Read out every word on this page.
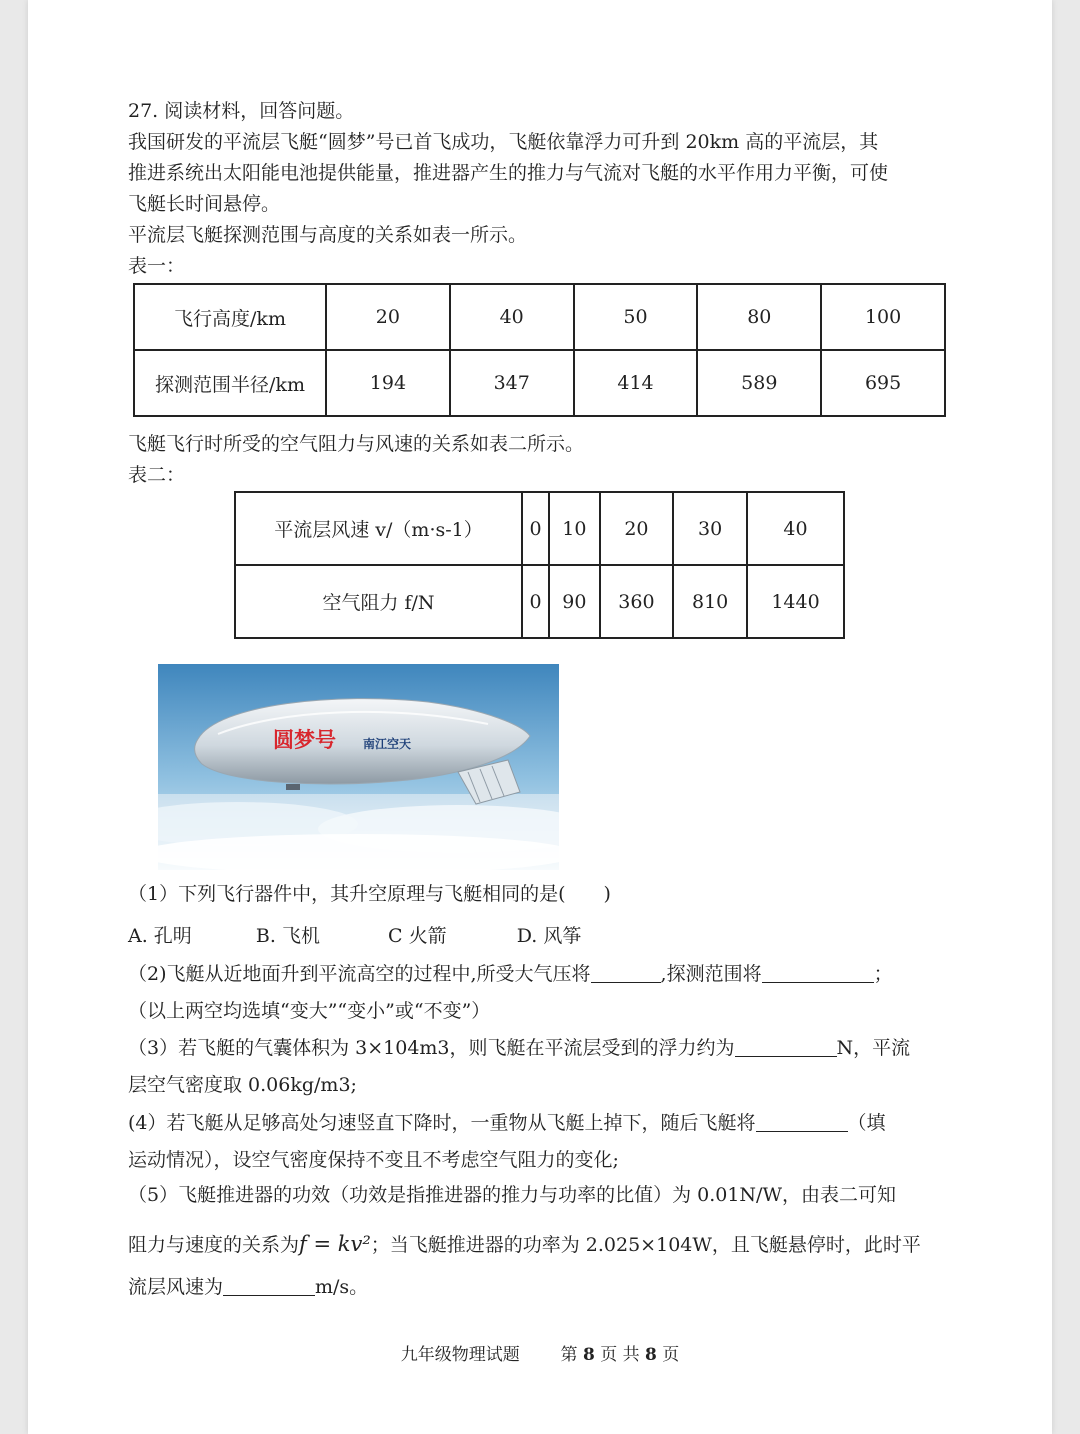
27. 阅读材料，回答问题。
我国研发的平流层飞艇“圆梦”号已首飞成功，飞艇依靠浮力可升到 20km 高的平流层，其
推进系统出太阳能电池提供能量，推进器产生的推力与气流对飞艇的水平作用力平衡，可使
飞艇长时间悬停。
平流层飞艇探测范围与高度的关系如表一所示。
表一：
飞行高度/km	20	40	50	80	100
探测范围半径/km	194	347	414	589	695
飞艇飞行时所受的空气阻力与风速的关系如表二所示。
表二：
平流层风速 v/（m·s-1）	0	10	20	30	40
空气阻力 f/N	0	90	360	810	1440
圆梦号 南江空天
（1）下列飞行器件中，其升空原理与飞艇相同的是(　　)
A. 孔明	B. 飞机	C 火箭	D. 风筝
（2)飞艇从近地面升到平流高空的过程中,所受大气压将	,探测范围将	；
（以上两空均选填“变大”“变小”或“不变”）
（3）若飞艇的气囊体积为 3×104m3，则飞艇在平流层受到的浮力约为	N，平流
层空气密度取 0.06kg/m3;
(4）若飞艇从足够高处匀速竖直下降时，一重物从飞艇上掉下，随后飞艇将	（填
运动情况），设空气密度保持不变且不考虑空气阻力的变化;
（5）飞艇推进器的功效（功效是指推进器的推力与功率的比值）为 0.01N/W，由表二可知
阻力与速度的关系为f = kv²；当飞艇推进器的功率为 2.025×104W，且飞艇悬停时，此时平
流层风速为	m/s。
九年级物理试题 第 8 页 共 8 页
